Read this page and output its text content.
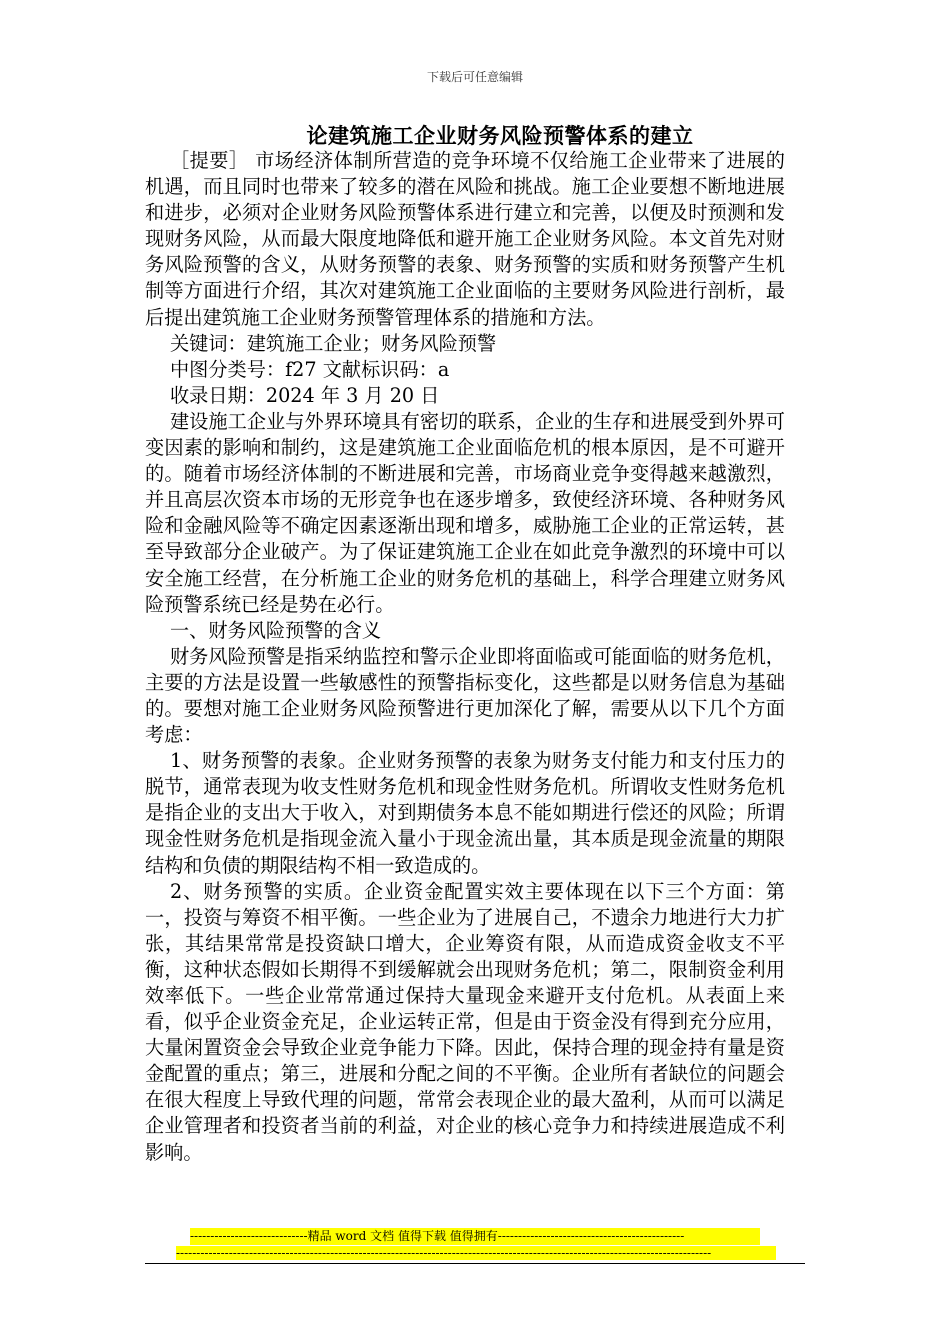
下载后可任意编辑
论建筑施工企业财务风险预警体系的建立

［提要］ 市场经济体制所营造的竞争环境不仅给施工企业带来了进展的机遇，而且同时也带来了较多的潜在风险和挑战。施工企业要想不断地进展和进步，必须对企业财务风险预警体系进行建立和完善，以便及时预测和发现财务风险，从而最大限度地降低和避开施工企业财务风险。本文首先对财务风险预警的含义，从财务预警的表象、财务预警的实质和财务预警产生机制等方面进行介绍，其次对建筑施工企业面临的主要财务风险进行剖析，最后提出建筑施工企业财务预警管理体系的措施和方法。

关键词：建筑施工企业；财务风险预警

中图分类号：f27 文献标识码：a

收录日期：2024 年 3 月 20 日

建设施工企业与外界环境具有密切的联系，企业的生存和进展受到外界可变因素的影响和制约，这是建筑施工企业面临危机的根本原因，是不可避开的。随着市场经济体制的不断进展和完善，市场商业竞争变得越来越激烈，并且高层次资本市场的无形竞争也在逐步增多，致使经济环境、各种财务风险和金融风险等不确定因素逐渐出现和增多，威胁施工企业的正常运转，甚至导致部分企业破产。为了保证建筑施工企业在如此竞争激烈的环境中可以安全施工经营，在分析施工企业的财务危机的基础上，科学合理建立财务风险预警系统已经是势在必行。

一、财务风险预警的含义

财务风险预警是指采纳监控和警示企业即将面临或可能面临的财务危机，主要的方法是设置一些敏感性的预警指标变化，这些都是以财务信息为基础的。要想对施工企业财务风险预警进行更加深化了解，需要从以下几个方面考虑：

1、财务预警的表象。企业财务预警的表象为财务支付能力和支付压力的脱节，通常表现为收支性财务危机和现金性财务危机。所谓收支性财务危机是指企业的支出大于收入，对到期债务本息不能如期进行偿还的风险；所谓现金性财务危机是指现金流入量小于现金流出量，其本质是现金流量的期限结构和负债的期限结构不相一致造成的。

2、财务预警的实质。企业资金配置实效主要体现在以下三个方面：第一，投资与筹资不相平衡。一些企业为了进展自己，不遗余力地进行大力扩张，其结果常常是投资缺口增大，企业筹资有限，从而造成资金收支不平衡，这种状态假如长期得不到缓解就会出现财务危机；第二，限制资金利用效率低下。一些企业常常通过保持大量现金来避开支付危机。从表面上来看，似乎企业资金充足，企业运转正常，但是由于资金没有得到充分应用，大量闲置资金会导致企业竞争能力下降。因此，保持合理的现金持有量是资金配置的重点；第三，进展和分配之间的不平衡。企业所有者缺位的问题会在很大程度上导致代理的问题，常常会表现企业的最大盈利，从而可以满足企业管理者和投资者当前的利益，对企业的核心竞争力和持续进展造成不利影响。

-----------------------------精品 word 文档 值得下载 值得拥有----------------------------------------------
------------------------------------------------------------------------------------------------------------------------------------
